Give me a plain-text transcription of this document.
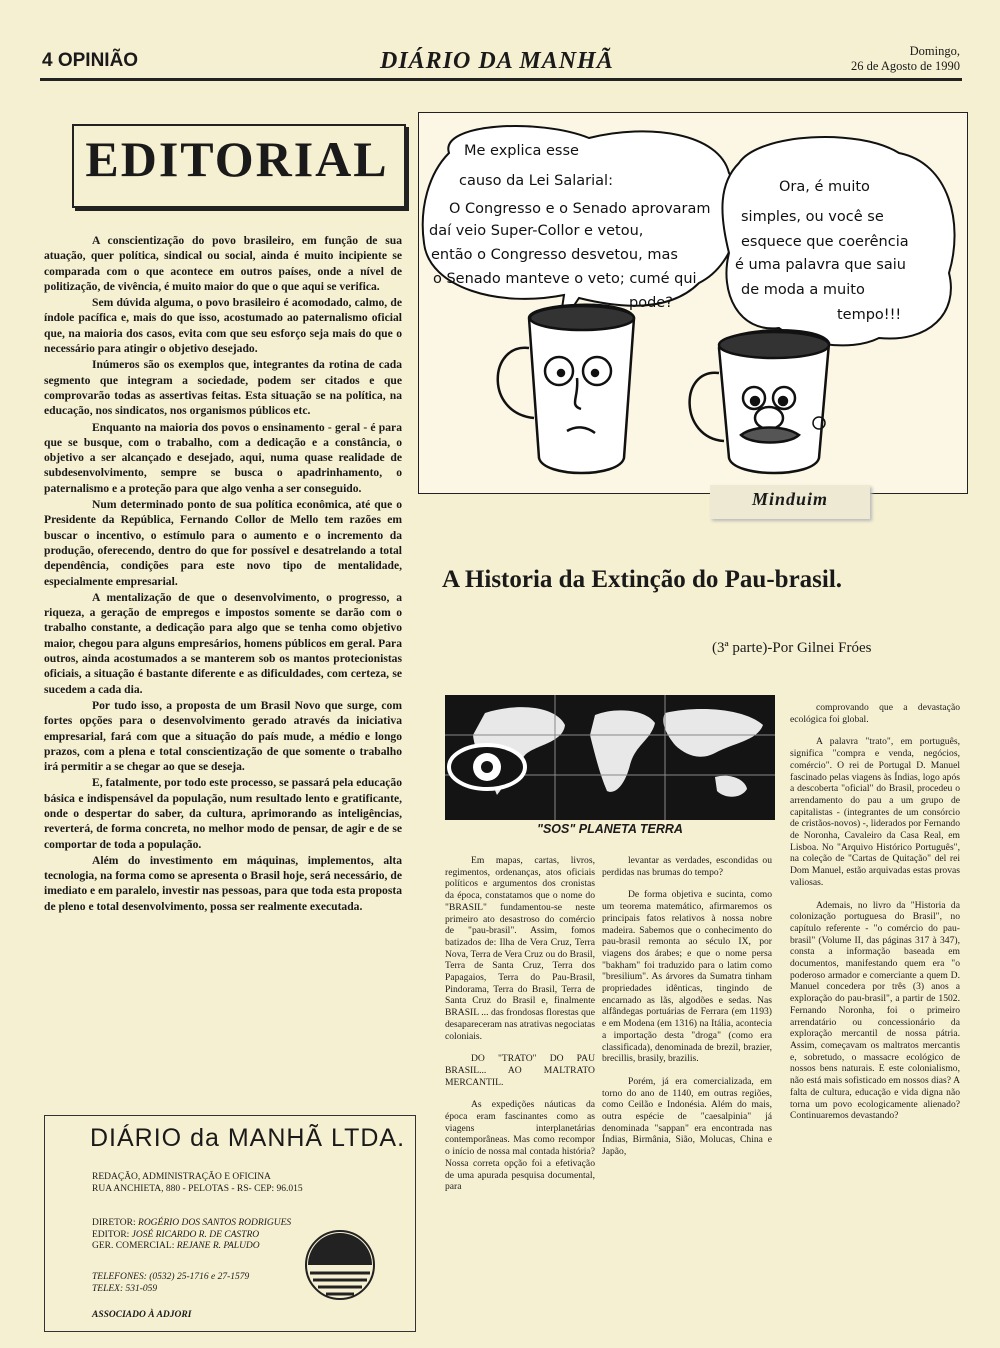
4 OPINIÃO	DIÁRIO DA MANHÃ	Domingo,
26 de Agosto de 1990
EDITORIAL

A conscientização do povo brasileiro, em função de sua atuação, quer política, sindical ou social, ainda é muito incipiente se comparada com o que acontece em outros países, onde a nível de politização, de vivência, é muito maior do que o que aqui se verifica.

Sem dúvida alguma, o povo brasileiro é acomodado, calmo, de índole pacífica e, mais do que isso, acostumado ao paternalismo oficial que, na maioria dos casos, evita com que seu esforço seja mais do que o necessário para atingir o objetivo desejado.

Inúmeros são os exemplos que, integrantes da rotina de cada segmento que integram a sociedade, podem ser citados e que comprovarão todas as assertivas feitas. Esta situação se na política, na educação, nos sindicatos, nos organismos públicos etc.

Enquanto na maioria dos povos o ensinamento - geral - é para que se busque, com o trabalho, com a dedicação e a constância, o objetivo a ser alcançado e desejado, aqui, numa quase realidade de subdesenvolvimento, sempre se busca o apadrinhamento, o paternalismo e a proteção para que algo venha a ser conseguido.

Num determinado ponto de sua política econômica, até que o Presidente da República, Fernando Collor de Mello tem razões em buscar o incentivo, o estímulo para o aumento e o incremento da produção, oferecendo, dentro do que for possível e desatrelando a total dependência, condições para este novo tipo de mentalidade, especialmente empresarial.

A mentalização de que o desenvolvimento, o progresso, a riqueza, a geração de empregos e impostos somente se darão com o trabalho constante, a dedicação para algo que se tenha como objetivo maior, chegou para alguns empresários, homens públicos em geral. Para outros, ainda acostumados a se manterem sob os mantos protecionistas oficiais, a situação é bastante diferente e as dificuldades, com certeza, se sucedem a cada dia.

Por tudo isso, a proposta de um Brasil Novo que surge, com fortes opções para o desenvolvimento gerado através da iniciativa empresarial, fará com que a situação do país mude, a médio e longo prazos, com a plena e total conscientização de que somente o trabalho irá permitir a se chegar ao que se deseja.

E, fatalmente, por todo este processo, se passará pela educação básica e indispensável da população, num resultado lento e gratificante, onde o despertar do saber, da cultura, aprimorando as inteligências, reverterá, de forma concreta, no melhor modo de pensar, de agir e de se comportar de toda a população.

Além do investimento em máquinas, implementos, alta tecnologia, na forma como se apresenta o Brasil hoje, será necessário, de imediato e em paralelo, investir nas pessoas, para que toda esta proposta de pleno e total desenvolvimento, possa ser realmente executada.

DIÁRIO da MANHÃ LTDA.
REDAÇÃO, ADMINISTRAÇÃO E OFICINA
RUA ANCHIETA, 880 - PELOTAS - RS- CEP: 96.015
DIRETOR: ROGÉRIO DOS SANTOS RODRIGUES
EDITOR: JOSÉ RICARDO R. DE CASTRO
GER. COMERCIAL: REJANE R. PALUDO
TELEFONES: (0532) 25-1716 e 27-1579
TELEX: 531-059
ASSOCIADO À ADJORI
Me explica esse causo da Lei Salarial: O Congresso e o Senado aprovaram daí veio Super-Collor e vetou, então o Congresso desvetou, mas o Senado manteve o veto; cumé qui pode?
Ora, é muito simples, ou você se esquece que coerência é uma palavra que saiu de moda a muito tempo!!!
Minduim
A Historia da Extinção do Pau-brasil.
(3ª parte)-Por Gilnei Fróes
"SOS" PLANETA TERRA

Em mapas, cartas, livros, regimentos, ordenanças, atos oficiais políticos e argumentos dos cronistas da época, constatamos que o nome do "BRASIL" fundamentou-se neste primeiro ato desastroso do comércio de "pau-brasil". Assim, fomos batizados de: Ilha de Vera Cruz, Terra Nova, Terra de Vera Cruz ou do Brasil, Terra de Santa Cruz, Terra dos Papagaios, Terra do Pau-Brasil, Pindorama, Terra do Brasil, Terra de Santa Cruz do Brasil e, finalmente BRASIL ... das frondosas florestas que desapareceram nas atrativas negociatas coloniais.

DO "TRATO" DO PAU BRASIL... AO MALTRATO MERCANTIL.

As expedições náuticas da época eram fascinantes como as viagens interplanetárias contemporâneas. Mas como recompor o início de nossa mal contada história? Nossa correta opção foi a efetivação de uma apurada pesquisa documental, para

levantar as verdades, escondidas ou perdidas nas brumas do tempo?

De forma objetiva e sucinta, como um teorema matemático, afirmaremos os principais fatos relativos à nossa nobre madeira. Sabemos que o conhecimento do pau-brasil remonta ao século IX, por viagens dos árabes; e que o nome persa "bakham" foi traduzido para o latim como "bresilium". As árvores da Sumatra tinham propriedades idênticas, tingindo de encarnado as lãs, algodões e sedas. Nas alfândegas portuárias de Ferrara (em 1193) e em Modena (em 1316) na Itália, acontecia a importação desta "droga" (como era classificada), denominada de brezil, brazier, brecillis, brasily, brazilis.

Porém, já era comercializada, em torno do ano de 1140, em outras regiões, como Ceilão e Indonésia. Além do mais, outra espécie de "caesalpinia" já denominada "sappan" era encontrada nas Índias, Birmânia, Sião, Molucas, China e Japão,

comprovando que a devastação ecológica foi global.

A palavra "trato", em português, significa "compra e venda, negócios, comércio". O rei de Portugal D. Manuel fascinado pelas viagens às Índias, logo após a descoberta "oficial" do Brasil, procedeu o arrendamento do pau a um grupo de capitalistas - (integrantes de um consórcio de cristãos-novos) -, liderados por Fernando de Noronha, Cavaleiro da Casa Real, em Lisboa. No "Arquivo Histórico Português", na coleção de "Cartas de Quitação" del rei Dom Manuel, estão arquivadas estas provas valiosas.

Ademais, no livro da "Historia da colonização portuguesa do Brasil", no capítulo referente - "o comércio do pau-brasil" (Volume II, das páginas 317 à 347), consta a informação baseada em documentos, manifestando quem era "o poderoso armador e comerciante a quem D. Manuel concedera por três (3) anos a exploração do pau-brasil", a partir de 1502. Fernando Noronha, foi o primeiro arrendatário ou concessionário da exploração mercantil de nossa pátria. Assim, começavam os maltratos mercantis e, sobretudo, o massacre ecológico de nossos bens naturais. E este colonialismo, não está mais sofisticado em nossos dias? A falta de cultura, educação e vida digna não torna um povo ecologicamente alienado? Continuaremos devastando?
